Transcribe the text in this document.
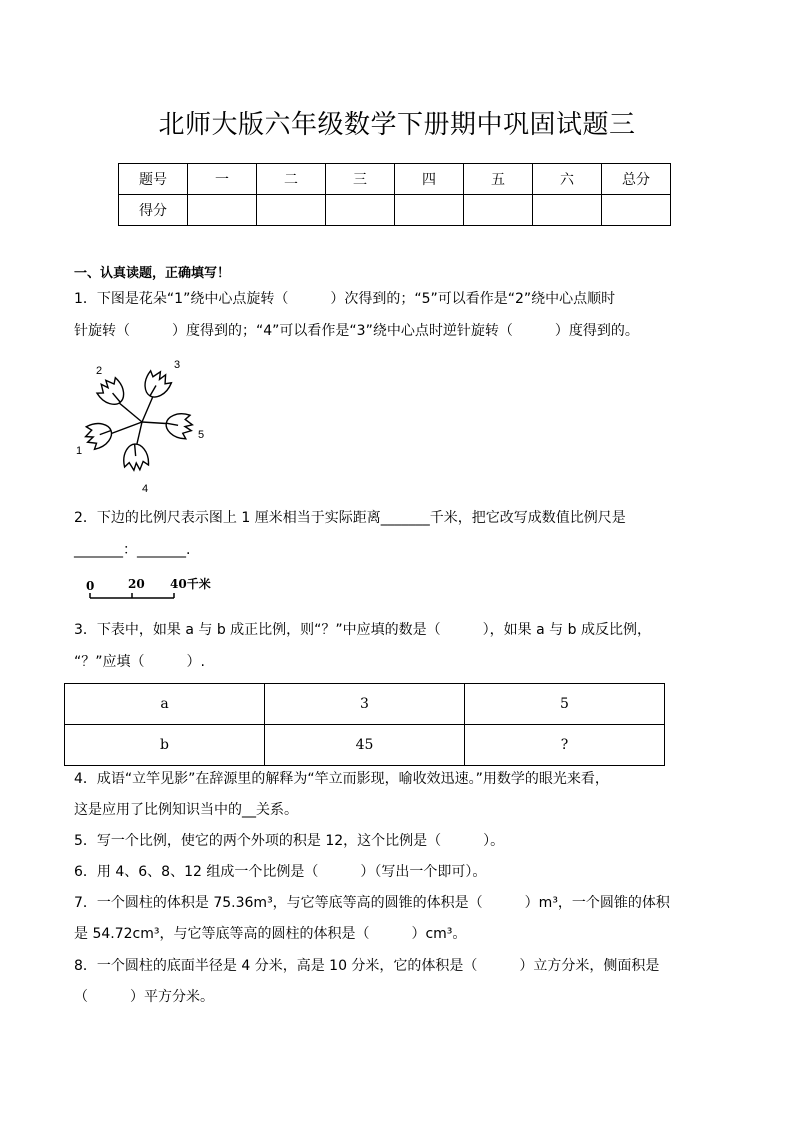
北师大版六年级数学下册期中巩固试题三
题号	一	二	三	四	五	六	总分
得分							
一、认真读题，正确填写！
1．下图是花朵“1”绕中心点旋转（　　　）次得到的；“5”可以看作是“2”绕中心点顺时
针旋转（　　　）度得到的；“4”可以看作是“3”绕中心点时逆针旋转（　　　）度得到的。
1
2	3
4
5
2．下边的比例尺表示图上 1 厘米相当于实际距离_______千米，把它改写成数值比例尺是
_______：_______.
0	20 40千米
3．下表中，如果 a 与 b 成正比例，则“？”中应填的数是（　　　），如果 a 与 b 成反比例，
“？”应填（　　　）.
a	3	5
b	45	?
4．成语“立竿见影”在辞源里的解释为“竿立而影现，喻收效迅速。”用数学的眼光来看，
这是应用了比例知识当中的__关系。
5．写一个比例，使它的两个外项的积是 12，这个比例是（　　　）。
6．用 4、6、8、12 组成一个比例是（　　　）（写出一个即可）。
7．一个圆柱的体积是 75.36m³，与它等底等高的圆锥的体积是（　　　）m³，一个圆锥的体积
是 54.72cm³，与它等底等高的圆柱的体积是（　　　）cm³。
8．一个圆柱的底面半径是 4 分米，高是 10 分米，它的体积是（　　　）立方分米，侧面积是
（　　　）平方分米。
